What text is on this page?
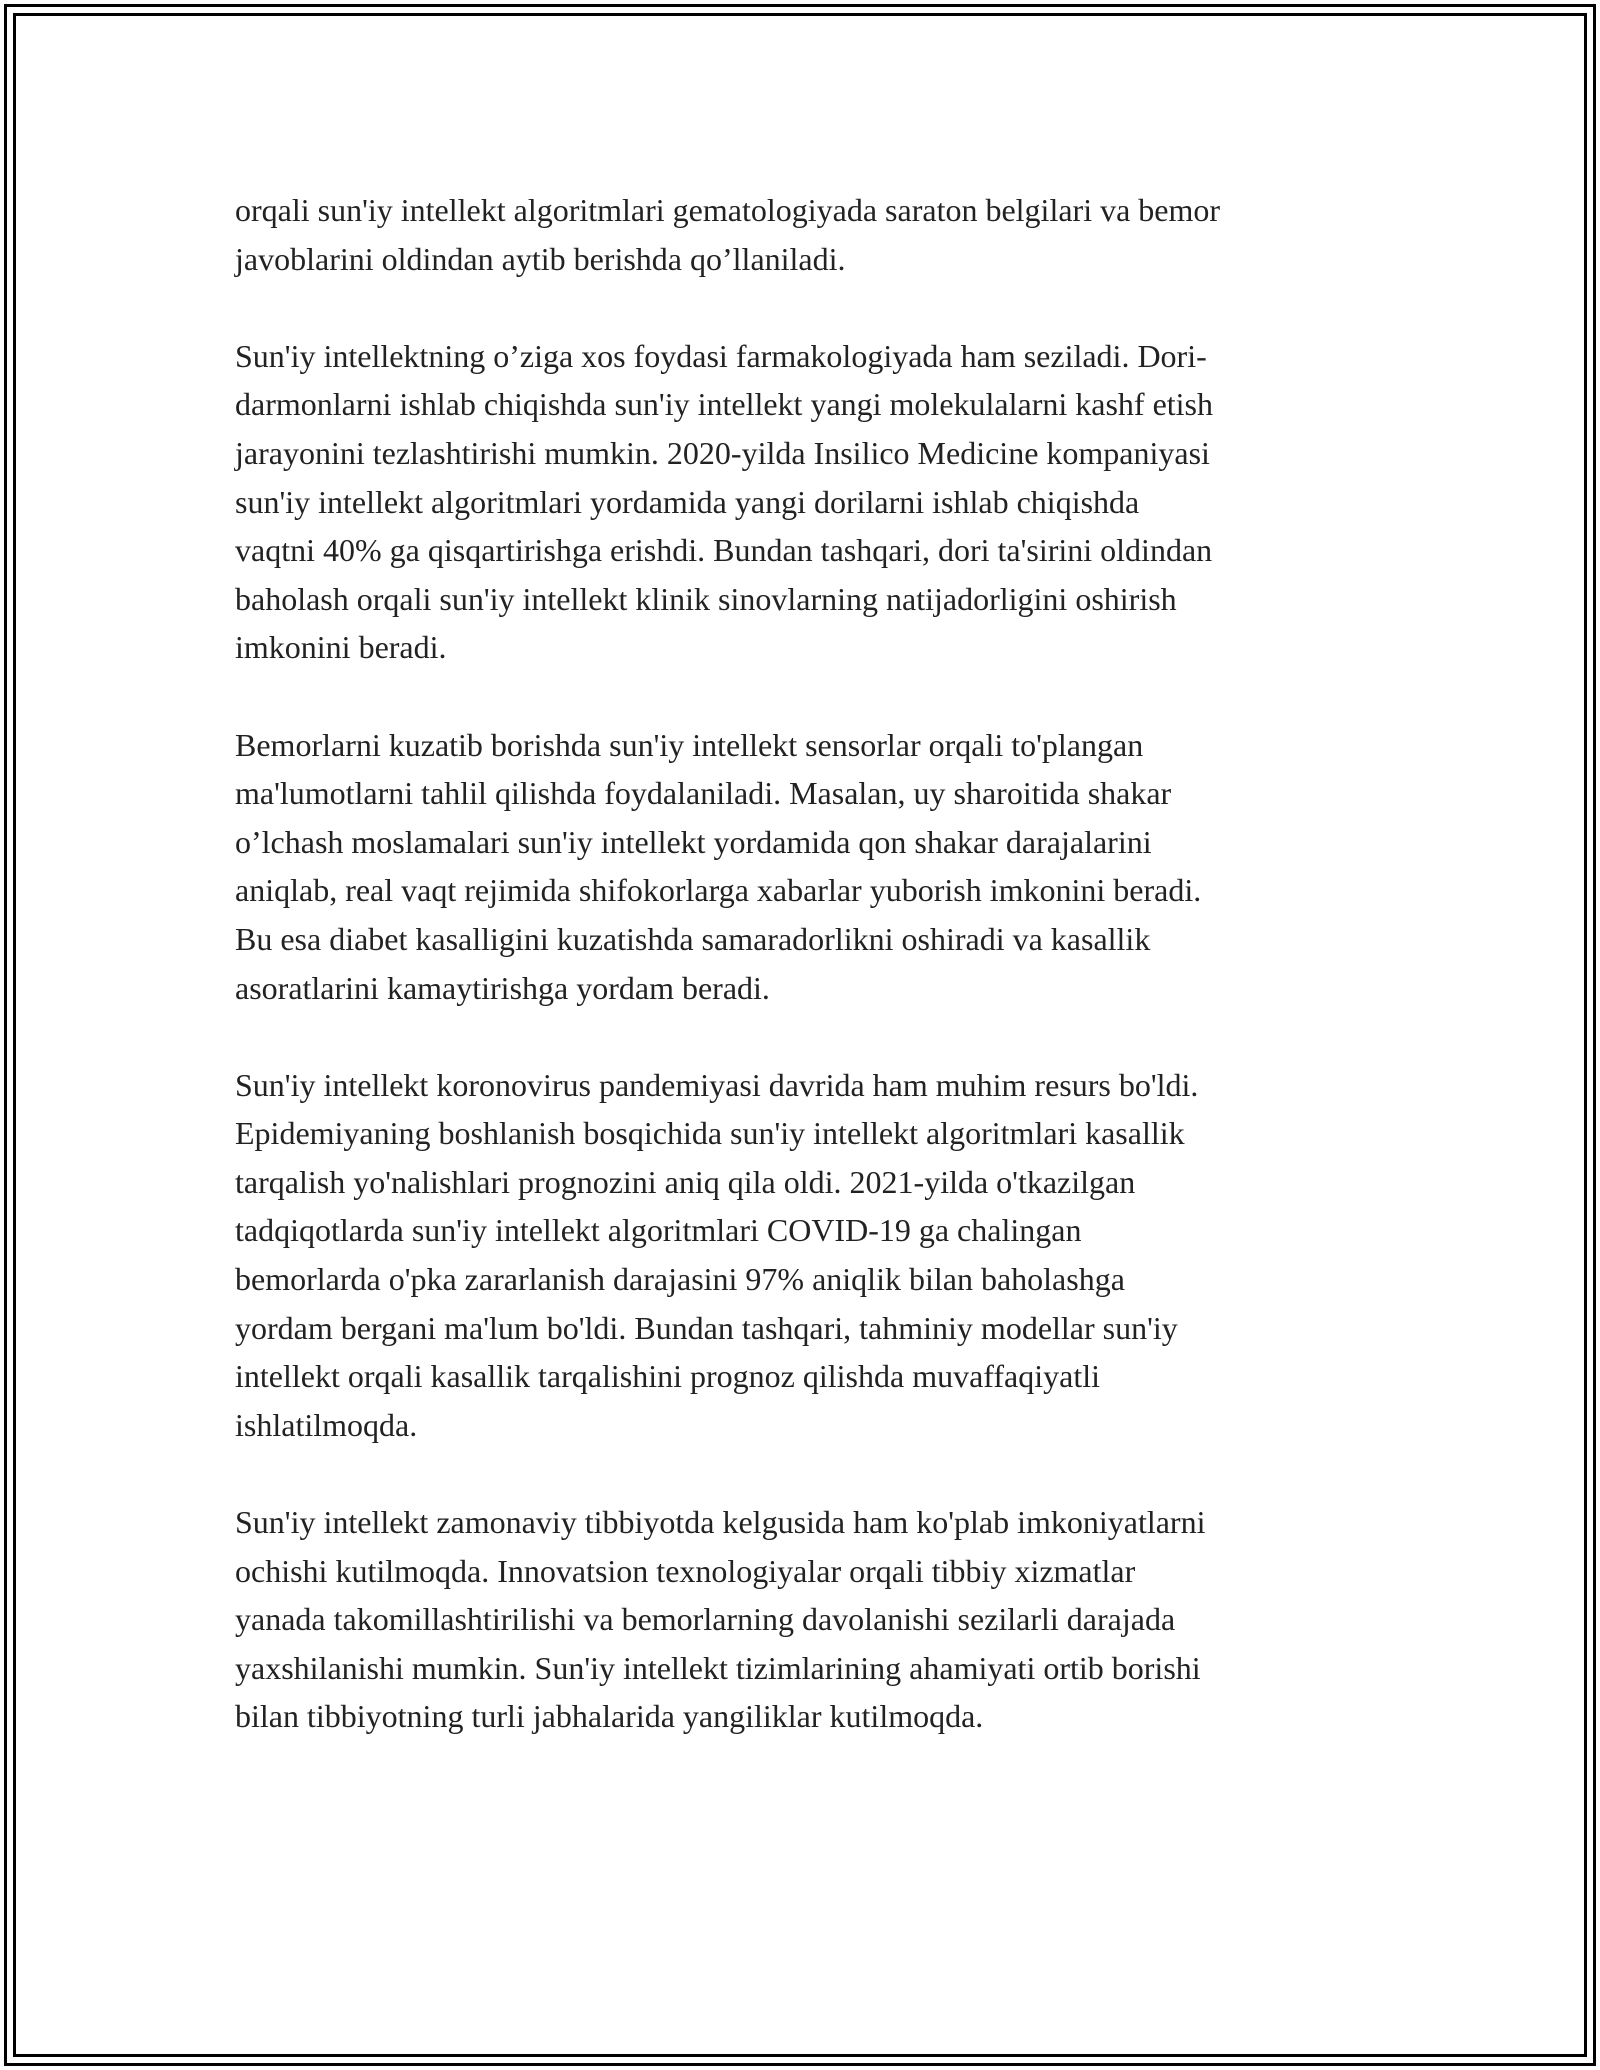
orqali sun'iy intellekt algoritmlari gematologiyada saraton belgilari va bemor
javoblarini oldindan aytib berishda qo’llaniladi.

Sun'iy intellektning o’ziga xos foydasi farmakologiyada ham seziladi. Dori-
darmonlarni ishlab chiqishda sun'iy intellekt yangi molekulalarni kashf etish
jarayonini tezlashtirishi mumkin. 2020-yilda Insilico Medicine kompaniyasi
sun'iy intellekt algoritmlari yordamida yangi dorilarni ishlab chiqishda
vaqtni 40% ga qisqartirishga erishdi. Bundan tashqari, dori ta'sirini oldindan
baholash orqali sun'iy intellekt klinik sinovlarning natijadorligini oshirish
imkonini beradi.

Bemorlarni kuzatib borishda sun'iy intellekt sensorlar orqali to'plangan
ma'lumotlarni tahlil qilishda foydalaniladi. Masalan, uy sharoitida shakar
o’lchash moslamalari sun'iy intellekt yordamida qon shakar darajalarini
aniqlab, real vaqt rejimida shifokorlarga xabarlar yuborish imkonini beradi.
Bu esa diabet kasalligini kuzatishda samaradorlikni oshiradi va kasallik
asoratlarini kamaytirishga yordam beradi.

Sun'iy intellekt koronovirus pandemiyasi davrida ham muhim resurs bo'ldi.
Epidemiyaning boshlanish bosqichida sun'iy intellekt algoritmlari kasallik
tarqalish yo'nalishlari prognozini aniq qila oldi. 2021-yilda o'tkazilgan
tadqiqotlarda sun'iy intellekt algoritmlari COVID-19 ga chalingan
bemorlarda o'pka zararlanish darajasini 97% aniqlik bilan baholashga
yordam bergani ma'lum bo'ldi. Bundan tashqari, tahminiy modellar sun'iy
intellekt orqali kasallik tarqalishini prognoz qilishda muvaffaqiyatli
ishlatilmoqda.

Sun'iy intellekt zamonaviy tibbiyotda kelgusida ham ko'plab imkoniyatlarni
ochishi kutilmoqda. Innovatsion texnologiyalar orqali tibbiy xizmatlar
yanada takomillashtirilishi va bemorlarning davolanishi sezilarli darajada
yaxshilanishi mumkin. Sun'iy intellekt tizimlarining ahamiyati ortib borishi
bilan tibbiyotning turli jabhalarida yangiliklar kutilmoqda.
